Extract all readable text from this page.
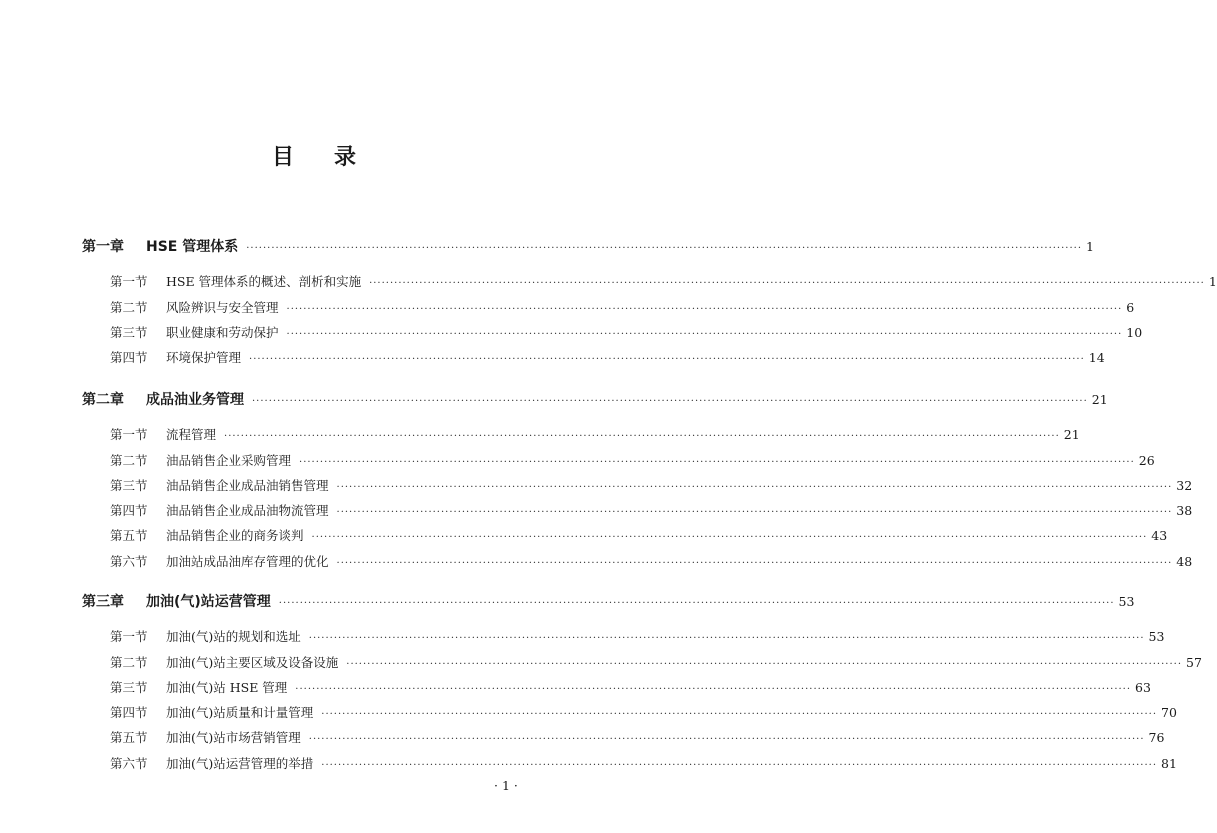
目 录
第一章	HSE 管理体系 ········································································································································································································ 1
第一节	HSE 管理体系的概述、剖析和实施 ········································································································································································································ 1
第二节	风险辨识与安全管理 ········································································································································································································ 6
第三节	职业健康和劳动保护 ········································································································································································································ 10
第四节	环境保护管理 ········································································································································································································ 14
第二章	成品油业务管理 ········································································································································································································ 21
第一节	流程管理 ········································································································································································································ 21
第二节	油品销售企业采购管理 ········································································································································································································ 26
第三节	油品销售企业成品油销售管理 ········································································································································································································ 32
第四节	油品销售企业成品油物流管理 ········································································································································································································ 38
第五节	油品销售企业的商务谈判 ········································································································································································································ 43
第六节	加油站成品油库存管理的优化 ········································································································································································································ 48
第三章	加油(气)站运营管理 ········································································································································································································ 53
第一节	加油(气)站的规划和选址 ········································································································································································································ 53
第二节	加油(气)站主要区域及设备设施 ········································································································································································································ 57
第三节	加油(气)站 HSE 管理 ········································································································································································································ 63
第四节	加油(气)站质量和计量管理 ········································································································································································································ 70
第五节	加油(气)站市场营销管理 ········································································································································································································ 76
第六节	加油(气)站运营管理的举措 ········································································································································································································ 81
· 1 ·
